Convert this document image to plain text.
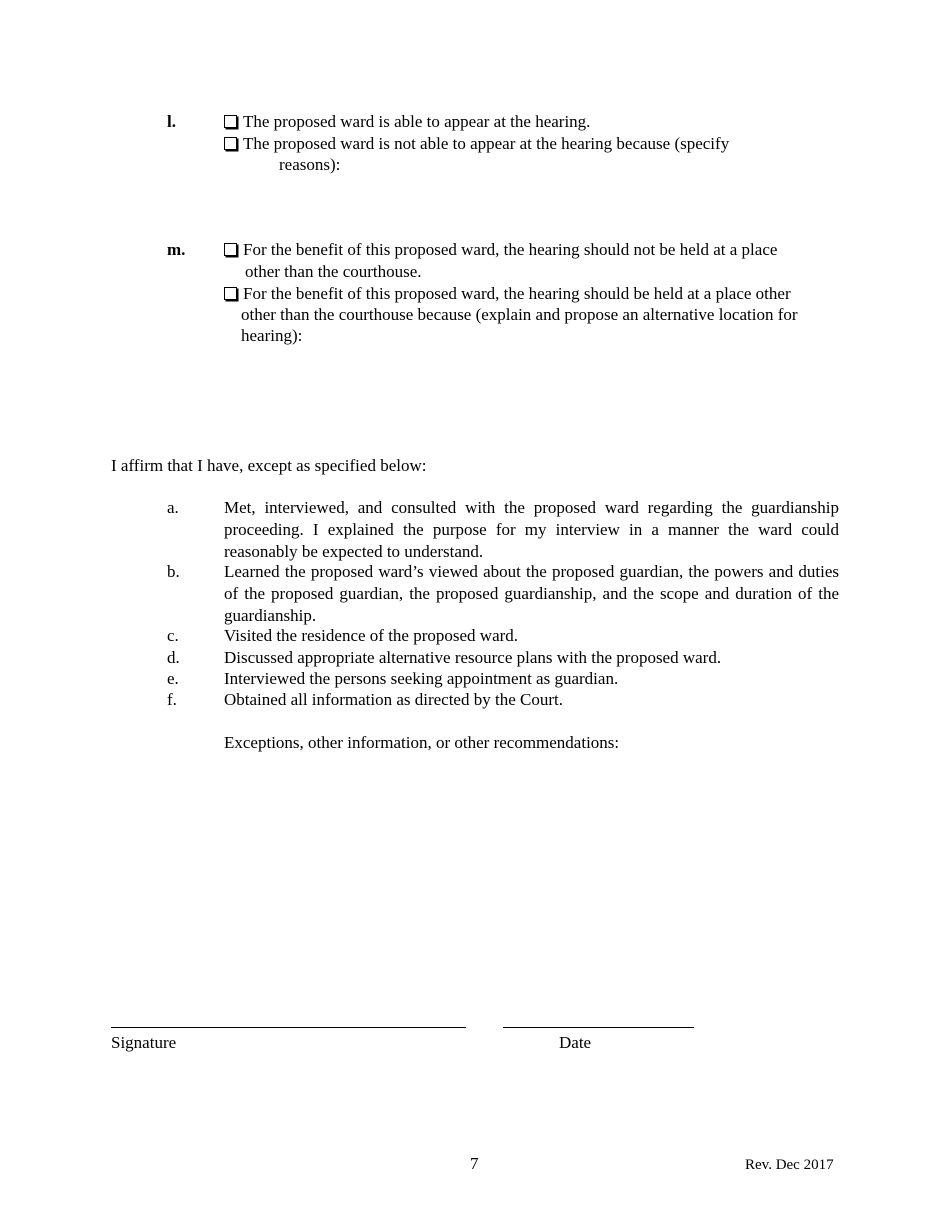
l.	The proposed ward is able to appear at the hearing.
The proposed ward is not able to appear at the hearing because (specify
reasons):
m.	For the benefit of this proposed ward, the hearing should not be held at a place
other than the courthouse.
For the benefit of this proposed ward, the hearing should be held at a place other
other than the courthouse because (explain and propose an alternative location for
hearing):
I affirm that I have, except as specified below:
a.	Met, interviewed, and consulted with the proposed ward regarding the guardianship proceeding. I explained the purpose for my interview in a manner the ward could reasonably be expected to understand.
b.	Learned the proposed ward’s viewed about the proposed guardian, the powers and duties of the proposed guardian, the proposed guardianship, and the scope and duration of the guardianship.
c.	Visited the residence of the proposed ward.
d.	Discussed appropriate alternative resource plans with the proposed ward.
e.	Interviewed the persons seeking appointment as guardian.
f.	Obtained all information as directed by the Court.
Exceptions, other information, or other recommendations:
Signature	Date
7	Rev. Dec 2017
